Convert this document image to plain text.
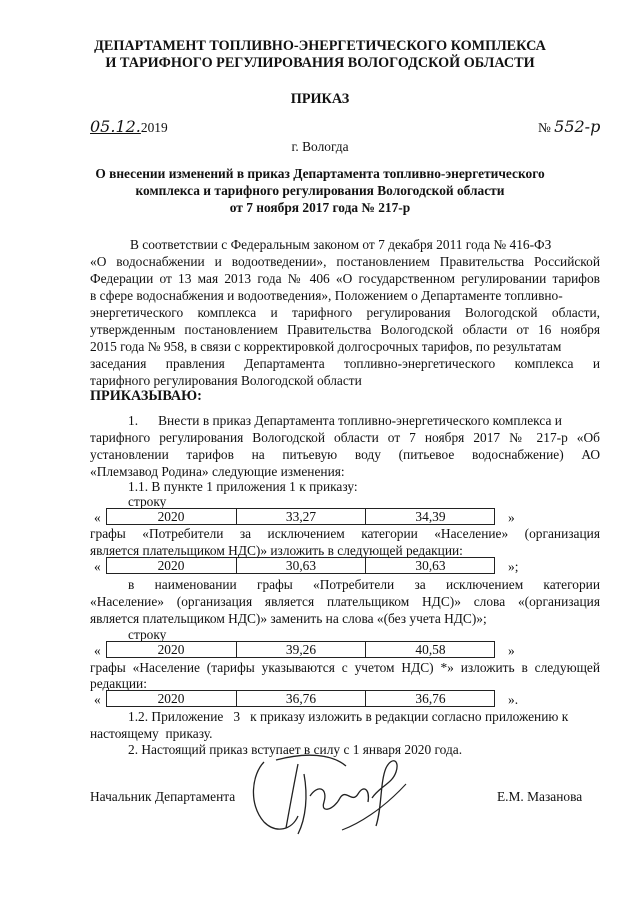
ДЕПАРТАМЕНТ ТОПЛИВНО-ЭНЕРГЕТИЧЕСКОГО КОМПЛЕКСА
И ТАРИФНОГО РЕГУЛИРОВАНИЯ ВОЛОГОДСКОЙ ОБЛАСТИ
ПРИКАЗ
05.12.2019	№ 552-р
г. Вологда
О внесении изменений в приказ Департамента топливно-энергетического
комплекса и тарифного регулирования Вологодской области
от 7 ноября 2017 года № 217-р
В соответствии с Федеральным законом от 7 декабря 2011 года № 416-ФЗ
«О водоснабжении и водоотведении», постановлением Правительства Российской
Федерации от 13 мая 2013 года № 406 «О государственном регулировании тарифов
в сфере водоснабжения и водоотведения», Положением о Департаменте топливно-
энергетического комплекса и тарифного регулирования Вологодской области,
утвержденным постановлением Правительства Вологодской области от 16 ноября
2015 года № 958, в связи с корректировкой долгосрочных тарифов, по результатам
заседания правления Департамента топливно-энергетического комплекса и
тарифного регулирования Вологодской области
ПРИКАЗЫВАЮ:
1.      Внести в приказ Департамента топливно-энергетического комплекса и
тарифного регулирования Вологодской области от 7 ноября 2017 № 217-р «Об
установлении тарифов на питьевую воду (питьевое водоснабжение) АО
«Племзавод Родина» следующие изменения:
1.1. В пункте 1 приложения 1 к приказу:
строку
«	2020	33,27	34,39	»
графы «Потребители за исключением категории «Население» (организация
является плательщиком НДС)» изложить в следующей редакции:
«	2020	30,63	30,63	»;
в наименовании графы «Потребители за исключением категории
«Население» (организация является плательщиком НДС)» слова «(организация
является плательщиком НДС)» заменить на слова «(без учета НДС)»;
строку
«	2020	39,26	40,58	»
графы «Население (тарифы указываются с учетом НДС) *» изложить в следующей
редакции:
«	2020	36,76	36,76	».
1.2. Приложение   3   к приказу изложить в редакции согласно приложению к
настоящему  приказу.
2. Настоящий приказ вступает в силу с 1 января 2020 года.
Начальник Департамента	Е.М. Мазанова
